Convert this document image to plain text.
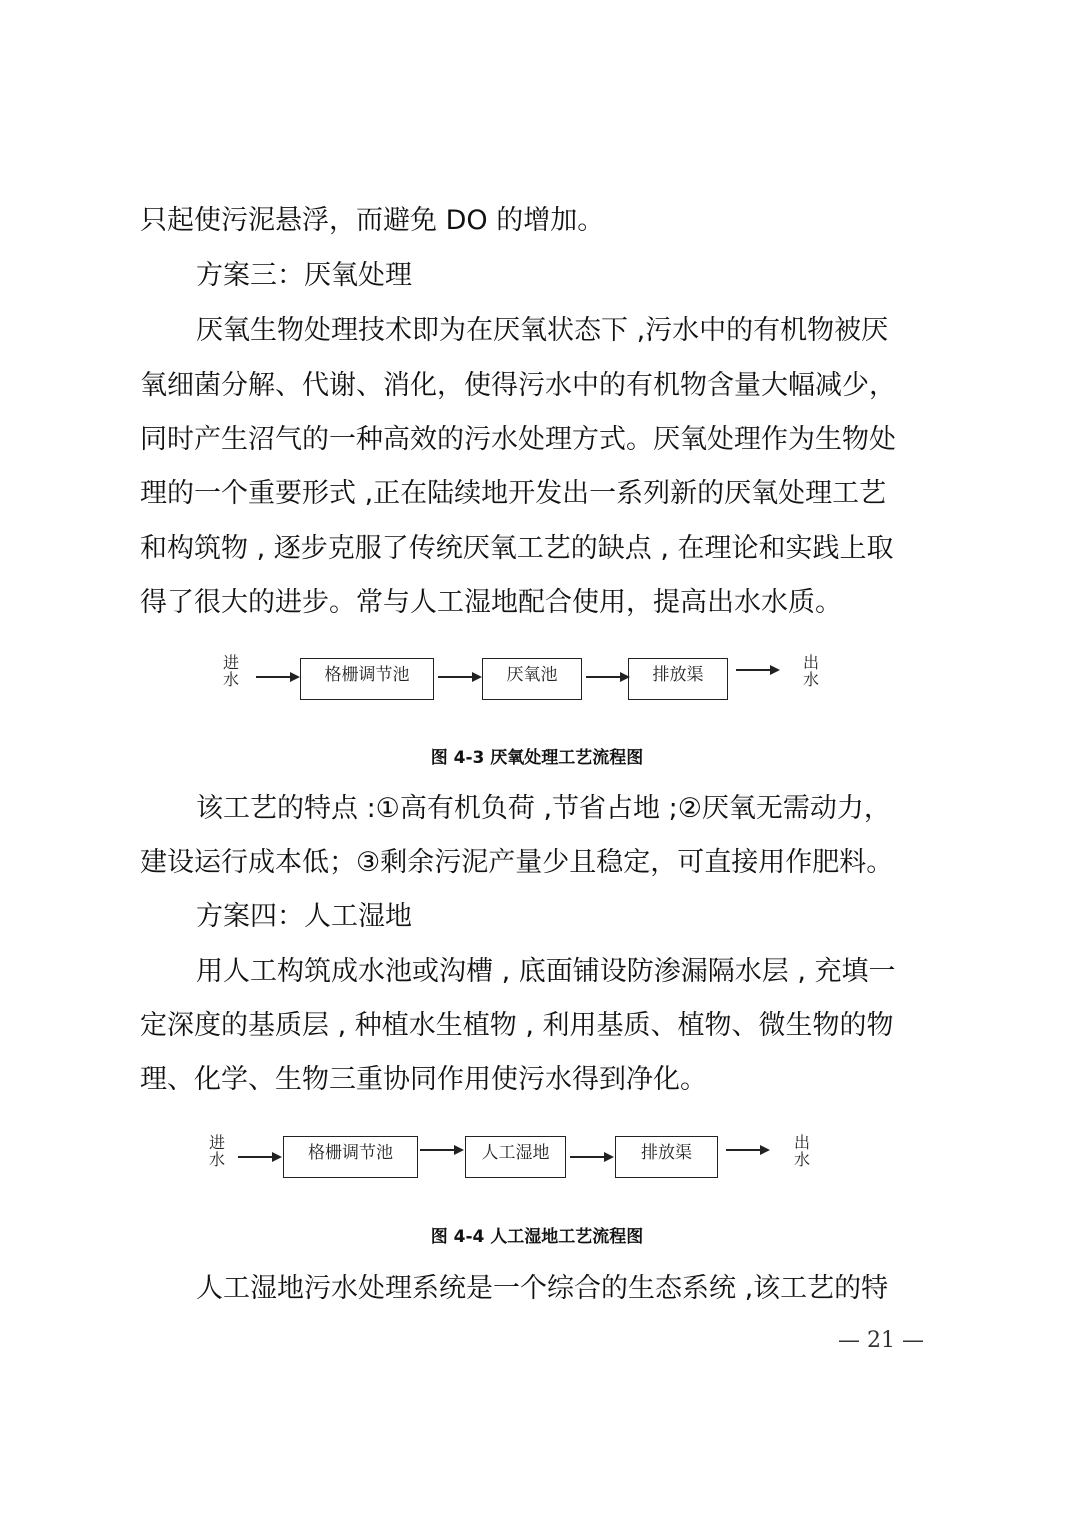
只起使污泥悬浮，而避免 DO 的增加。
方案三：厌氧处理
厌氧生物处理技术即为在厌氧状态下 ,污水中的有机物被厌
氧细菌分解、代谢、消化，使得污水中的有机物含量大幅减少，
同时产生沼气的一种高效的污水处理方式。厌氧处理作为生物处
理的一个重要形式 ,正在陆续地开发出一系列新的厌氧处理工艺
和构筑物 , 逐步克服了传统厌氧工艺的缺点 , 在理论和实践上取
得了很大的进步。常与人工湿地配合使用，提高出水水质。
进
水	格栅调节池	厌氧池	排放渠
出
水
图 4-3 厌氧处理工艺流程图
该工艺的特点 :①高有机负荷 ,节省占地 ;②厌氧无需动力，
建设运行成本低；③剩余污泥产量少且稳定，可直接用作肥料。
方案四：人工湿地
用人工构筑成水池或沟槽 , 底面铺设防渗漏隔水层 , 充填一
定深度的基质层 , 种植水生植物 , 利用基质、植物、微生物的物
理、化学、生物三重协同作用使污水得到净化。
进
水	格栅调节池	人工湿地	排放渠
出
水
图 4-4 人工湿地工艺流程图
人工湿地污水处理系统是一个综合的生态系统 ,该工艺的特
— 21 —
